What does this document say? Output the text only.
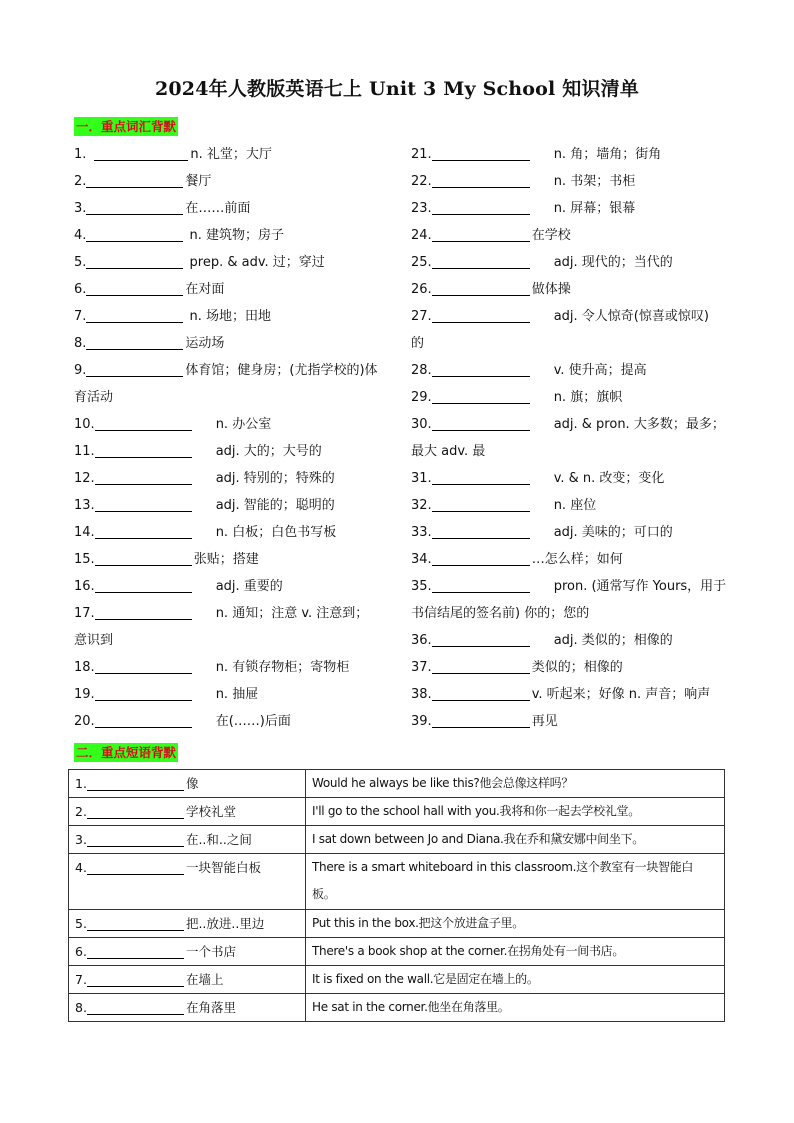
2024年人教版英语七上 Unit 3 My School 知识清单
一．重点词汇背默
1.	n. 礼堂；大厅
2.	餐厅
3.	在……前面
4.	n. 建筑物；房子
5.	prep. & adv. 过；穿过
6.	在对面
7.	n. 场地；田地
8.	运动场
9.	体育馆；健身房；(尤指学校的)体
育活动
10.	n. 办公室
11.	adj. 大的；大号的
12.	adj. 特别的；特殊的
13.	adj. 智能的；聪明的
14.	n. 白板；白色书写板
15.	张贴；搭建
16.	adj. 重要的
17.	n. 通知；注意 v. 注意到；
意识到
18.	n. 有锁存物柜；寄物柜
19.	n. 抽屉
20.	在(……)后面
21.	n. 角；墙角；街角
22.	n. 书架；书柜
23.	n. 屏幕；银幕
24.	在学校
25.	adj. 现代的；当代的
26.	做体操
27.	adj. 令人惊奇(惊喜或惊叹)
的
28.	v. 使升高；提高
29.	n. 旗；旗帜
30.	adj. & pron. 大多数；最多；
最大 adv. 最
31.	v. & n. 改变；变化
32.	n. 座位
33.	adj. 美味的；可口的
34.	…怎么样；如何
35.	pron. (通常写作 Yours，用于
书信结尾的签名前) 你的；您的
36.	adj. 类似的；相像的
37.	类似的；相像的
38.	v. 听起来；好像 n. 声音；响声
39.	再见
二．重点短语背默
1. 像	Would he always be like this?他会总像这样吗？

2. 学校礼堂	I'll go to the school hall with you.我将和你一起去学校礼堂。

3. 在..和..之间	I sat down between Jo and Diana.我在乔和黛安娜中间坐下。

4. 一块智能白板	There is a smart whiteboard in this classroom.这个教室有一块智能白
板。

5. 把..放进..里边	Put this in the box.把这个放进盒子里。

6. 一个书店	There's a book shop at the corner.在拐角处有一间书店。

7. 在墙上	It is fixed on the wall.它是固定在墙上的。

8. 在角落里	He sat in the corner.他坐在角落里。
